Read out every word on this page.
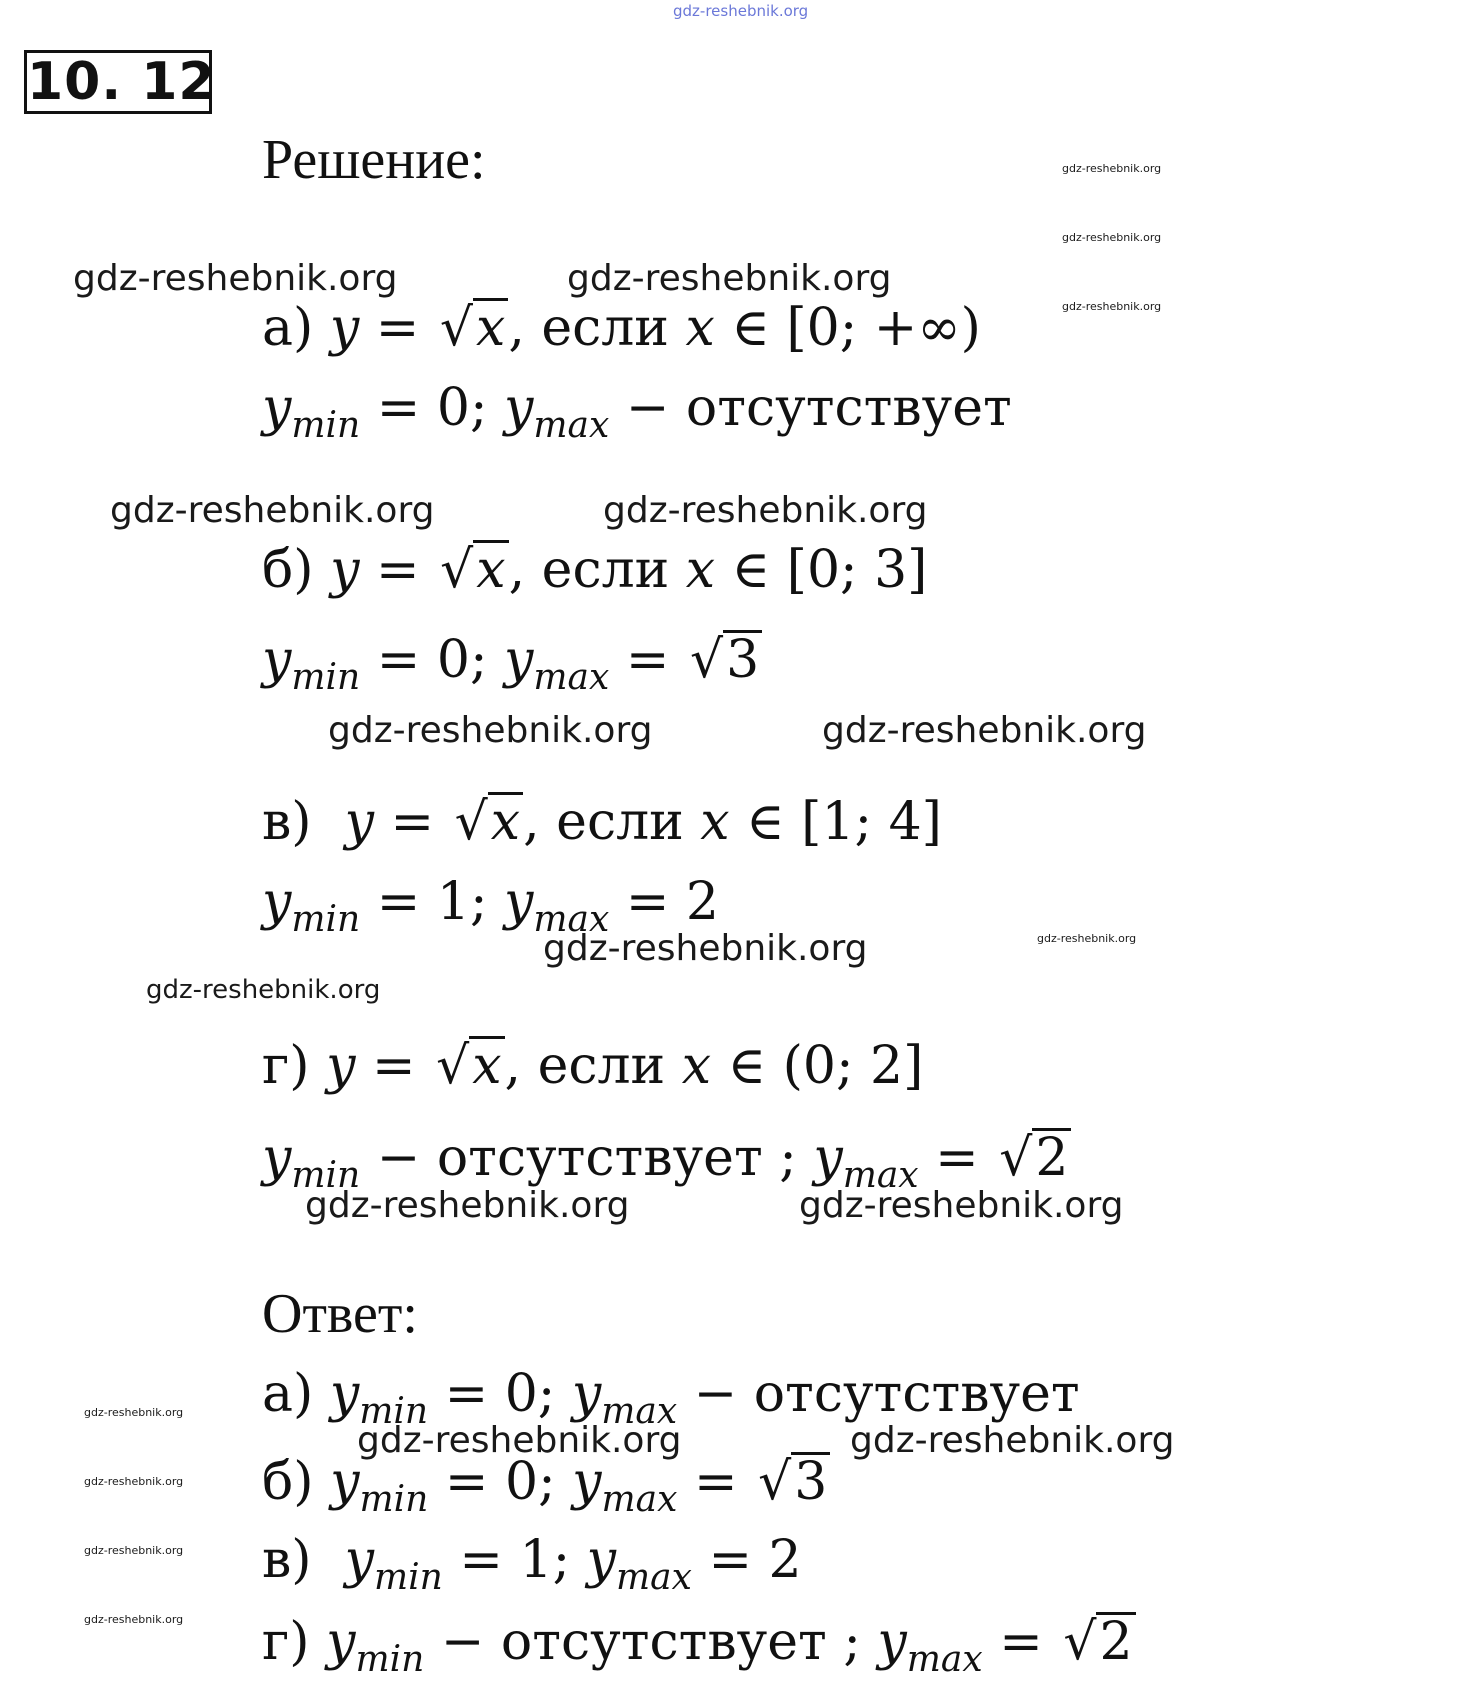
gdz-reshebnik.org
10. 12
Решение:	gdz-reshebnik.org
gdz-reshebnik.org
gdz-reshebnik.org
gdz-reshebnik.org	gdz-reshebnik.org
а) y = √x, если x ∈ [0; +∞)
$y_{min} = 0$; $y_{max}$ − отсутствует
gdz-reshebnik.org	gdz-reshebnik.org
б) y = √x, если x ∈ [0; 3]
$y_{min} = 0$; $y_{max} = √3$
gdz-reshebnik.org	gdz-reshebnik.org
в) y = √x, если x ∈ [1; 4]
$y_{min} = 1$; $y_{max} = 2$
gdz-reshebnik.org	gdz-reshebnik.org
gdz-reshebnik.org
г) y = √x, если x ∈ (0; 2]
$y_{min}$ − отсутствует ; $y_{max} = √2$
gdz-reshebnik.org	gdz-reshebnik.org
Ответ:
а) $y_{min} = 0$; $y_{max}$ − отсутствует
gdz-reshebnik.org	gdz-reshebnik.org
б) $y_{min} = 0$; $y_{max} = √3$
в) $y_{min} = 1$; $y_{max} = 2$
г) $y_{min}$ − отсутствует ; $y_{max} = √2$
gdz-reshebnik.org
gdz-reshebnik.org
gdz-reshebnik.org
gdz-reshebnik.org
